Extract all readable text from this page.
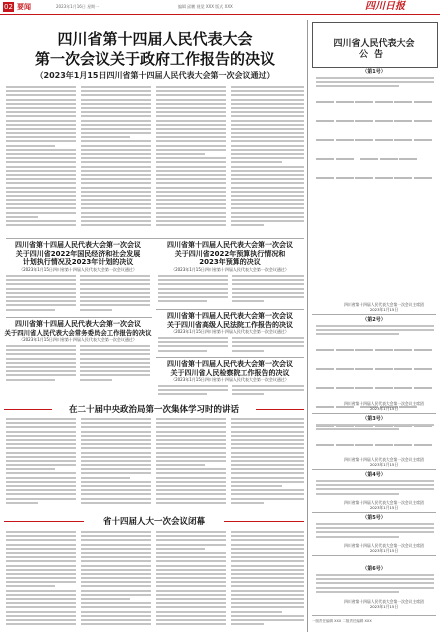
02 要闻	2023年1月16日 星期一	编辑 邱鹏 视觉 XXX 版式 XXX	四川日报
四川省第十四届人民代表大会
第一次会议关于政府工作报告的决议
（2023年1月15日四川省第十四届人民代表大会第一次会议通过）
四川省第十四届人民代表大会第一次会议
关于四川省2022年国民经济和社会发展
计划执行情况及2023年计划的决议
（2023年1月15日四川省第十四届人民代表大会第一次会议通过）
四川省第十四届人民代表大会第一次会议
关于四川省2022年预算执行情况和
2023年预算的决议
（2023年1月15日四川省第十四届人民代表大会第一次会议通过）
四川省第十四届人民代表大会第一次会议
关于四川省高级人民法院工作报告的决议
（2023年1月15日四川省第十四届人民代表大会第一次会议通过）
四川省第十四届人民代表大会第一次会议
关于四川省人民代表大会常务委员会工作报告的决议
（2023年1月15日四川省第十四届人民代表大会第一次会议通过）
四川省第十四届人民代表大会第一次会议
关于四川省人民检察院工作报告的决议
（2023年1月15日四川省第十四届人民代表大会第一次会议通过）
在二十届中央政治局第一次集体学习时的讲话
省十四届人大一次会议闭幕
四川省人民代表大会
公告
（第1号）

四川省第十四届人民代表大会第一次会议主席团
2023年1月15日
（第2号）

四川省第十四届人民代表大会第一次会议主席团
2023年1月15日
（第3号）
四川省第十四届人民代表大会第一次会议主席团
2023年1月15日
（第4号）
四川省第十四届人民代表大会第一次会议主席团
2023年1月15日
（第5号）
四川省第十四届人民代表大会第一次会议主席团
2023年1月15日
（第6号）
四川省第十四届人民代表大会第一次会议主席团
2023年1月15日
一版责任编辑 XXX 二版责任编辑 XXX
